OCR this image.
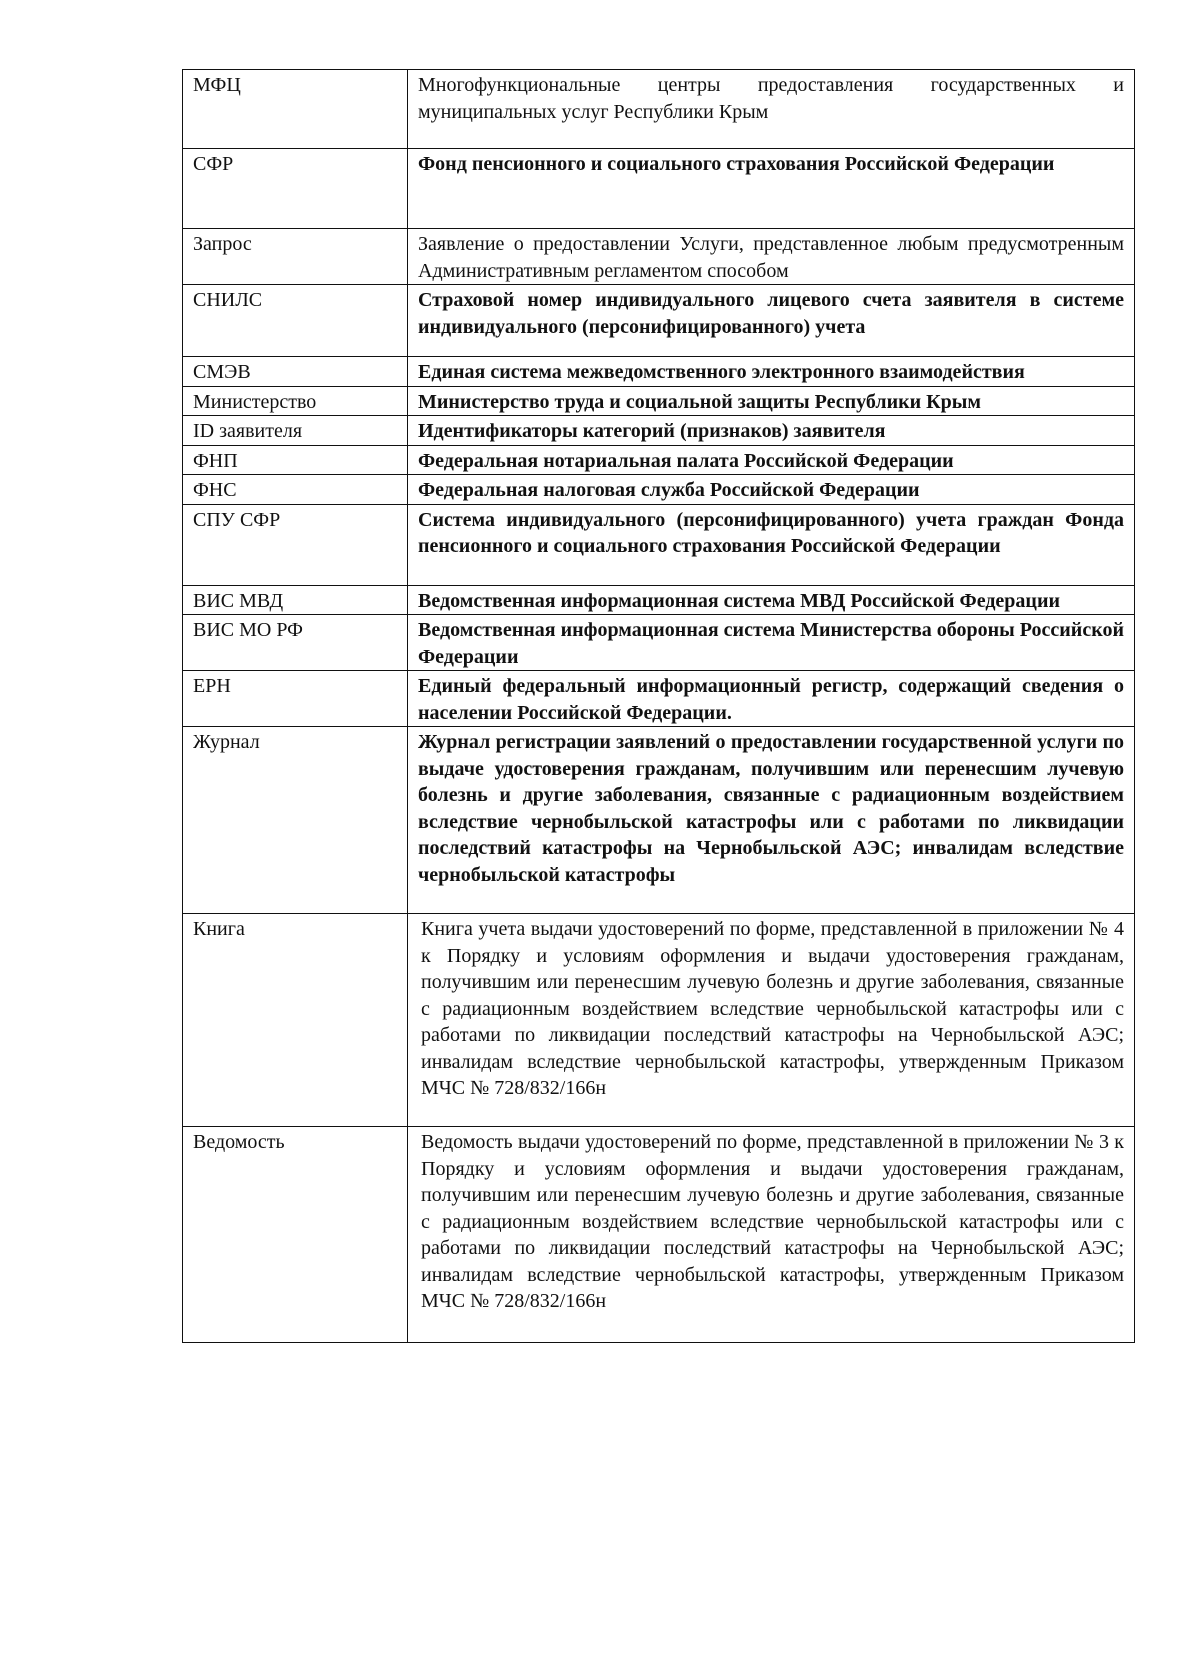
МФЦ	Многофункциональные центры предоставления государственных и муниципальных услуг Республики Крым
СФР	Фонд пенсионного и социального страхования Российской Федерации
Запрос	Заявление о предоставлении Услуги, представленное любым предусмотренным Административным регламентом способом
СНИЛС	Страховой номер индивидуального лицевого счета заявителя в системе индивидуального (персонифицированного) учета
СМЭВ	Единая система межведомственного электронного взаимодействия
Министерство	Министерство труда и социальной защиты Республики Крым
ID заявителя	Идентификаторы категорий (признаков) заявителя
ФНП	Федеральная нотариальная палата Российской Федерации
ФНС	Федеральная налоговая служба Российской Федерации
СПУ СФР	Система индивидуального (персонифицированного) учета граждан Фонда пенсионного и социального страхования Российской Федерации
ВИС МВД	Ведомственная информационная система МВД Российской Федерации
ВИС МО РФ	Ведомственная информационная система Министерства обороны Российской Федерации
ЕРН	Единый федеральный информационный регистр, содержащий сведения о населении Российской Федерации.
Журнал	Журнал регистрации заявлений о предоставлении государственной услуги по выдаче удостоверения гражданам, получившим или перенесшим лучевую болезнь и другие заболевания, связанные с радиационным воздействием вследствие чернобыльской катастрофы или с работами по ликвидации последствий катастрофы на Чернобыльской АЭС; инвалидам вследствие чернобыльской катастрофы
Книга	Книга учета выдачи удостоверений по форме, представленной в приложении № 4 к Порядку и условиям оформления и выдачи удостоверения гражданам, получившим или перенесшим лучевую болезнь и другие заболевания, связанные с радиационным воздействием вследствие чернобыльской катастрофы или с работами по ликвидации последствий катастрофы на Чернобыльской АЭС; инвалидам вследствие чернобыльской катастрофы, утвержденным Приказом МЧС № 728/832/166н
Ведомость	Ведомость выдачи удостоверений по форме, представленной в приложении № 3 к Порядку и условиям оформления и выдачи удостоверения гражданам, получившим или перенесшим лучевую болезнь и другие заболевания, связанные с радиационным воздействием вследствие чернобыльской катастрофы или с работами по ликвидации последствий катастрофы на Чернобыльской АЭС; инвалидам вследствие чернобыльской катастрофы, утвержденным Приказом МЧС № 728/832/166н
